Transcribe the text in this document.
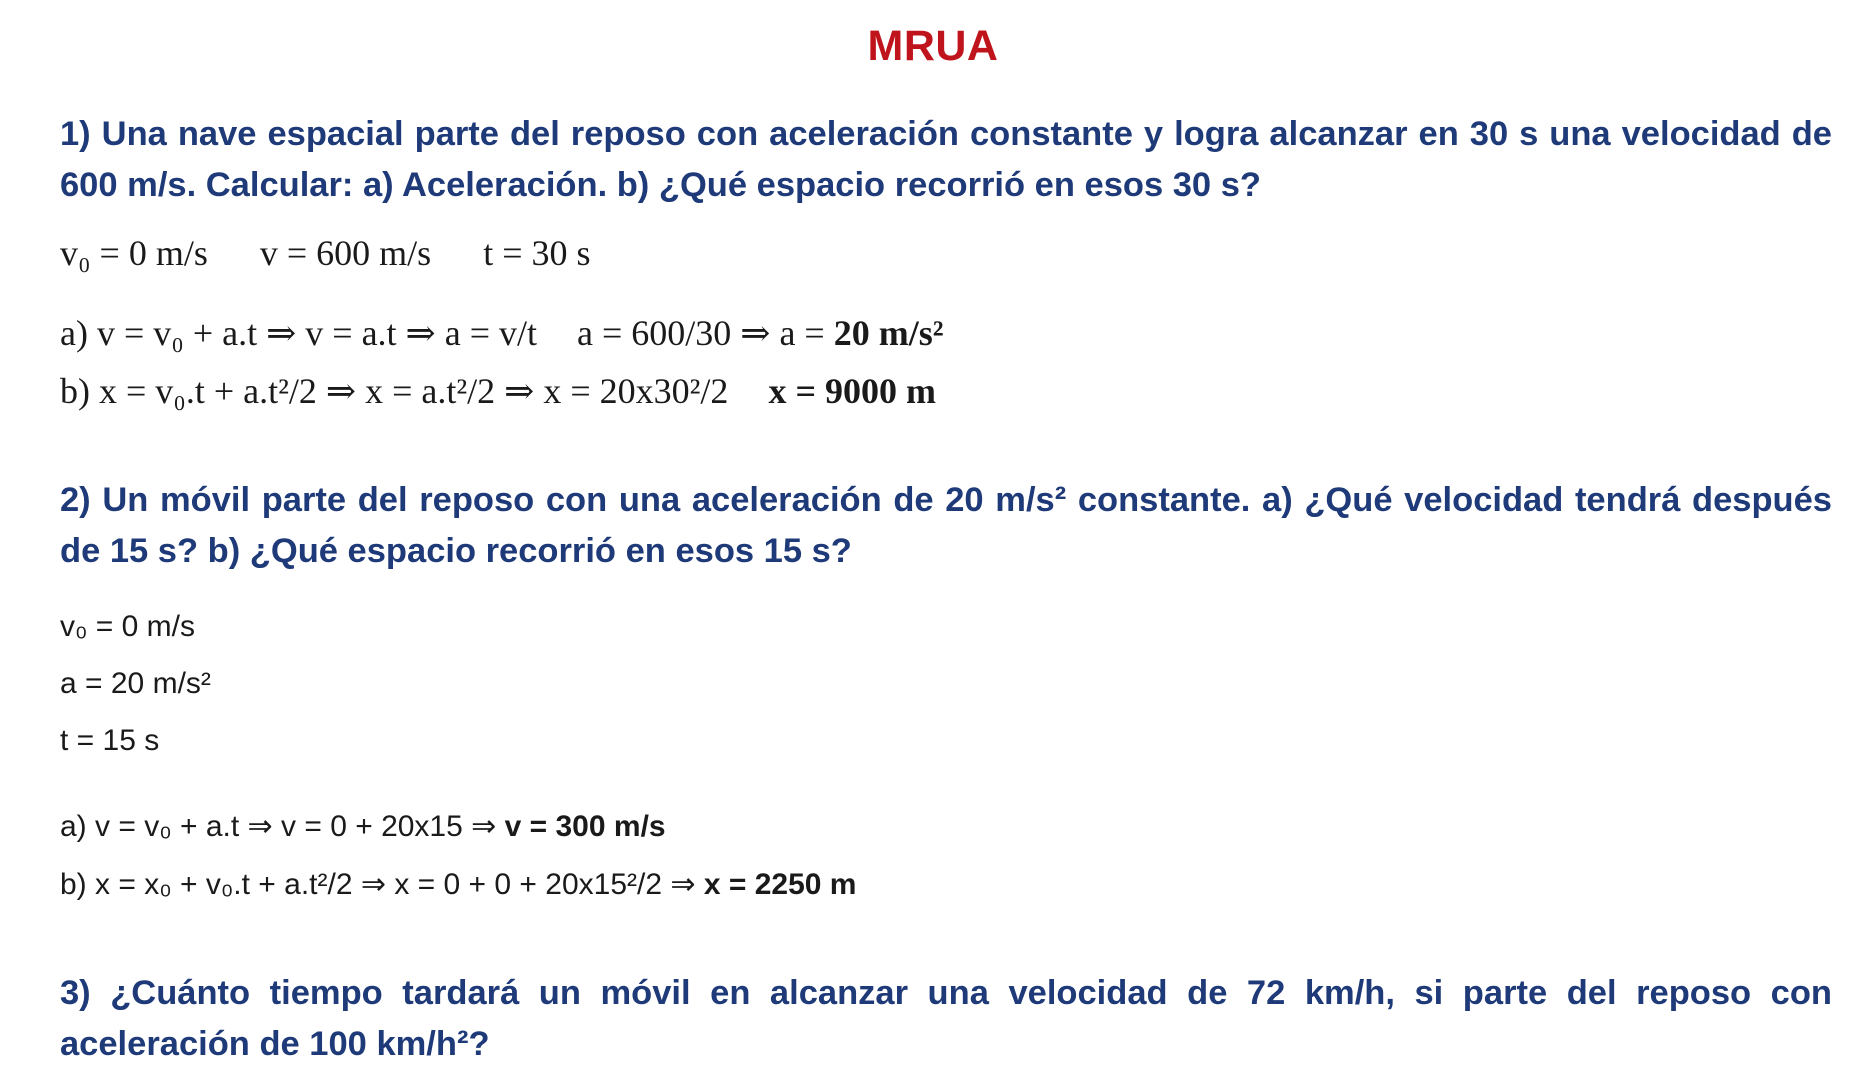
MRUA
1) Una nave espacial parte del reposo con aceleración constante y logra alcanzar en 30 s una velocidad de 600 m/s. Calcular: a) Aceleración. b) ¿Qué espacio recorrió en esos 30 s?
v₀ = 0 m/s v = 600 m/s t = 30 s
a) v = v₀ + a.t ⇒ v = a.t ⇒ a = v/t a = 600/30 ⇒ a = 20 m/s²
b) x = v₀.t + a.t²/2 ⇒ x = a.t²/2 ⇒ x = 20x30²/2 x = 9000 m
2) Un móvil parte del reposo con una aceleración de 20 m/s² constante. a) ¿Qué velocidad tendrá después de 15 s? b) ¿Qué espacio recorrió en esos 15 s?
v₀ = 0 m/s
a = 20 m/s²
t = 15 s
a) v = v₀ + a.t ⇒ v = 0 + 20x15 ⇒ v = 300 m/s
b) x = x₀ + v₀.t + a.t²/2 ⇒ x = 0 + 0 + 20x15²/2 ⇒ x = 2250 m
3) ¿Cuánto tiempo tardará un móvil en alcanzar una velocidad de 72 km/h, si parte del reposo con aceleración de 100 km/h²?
